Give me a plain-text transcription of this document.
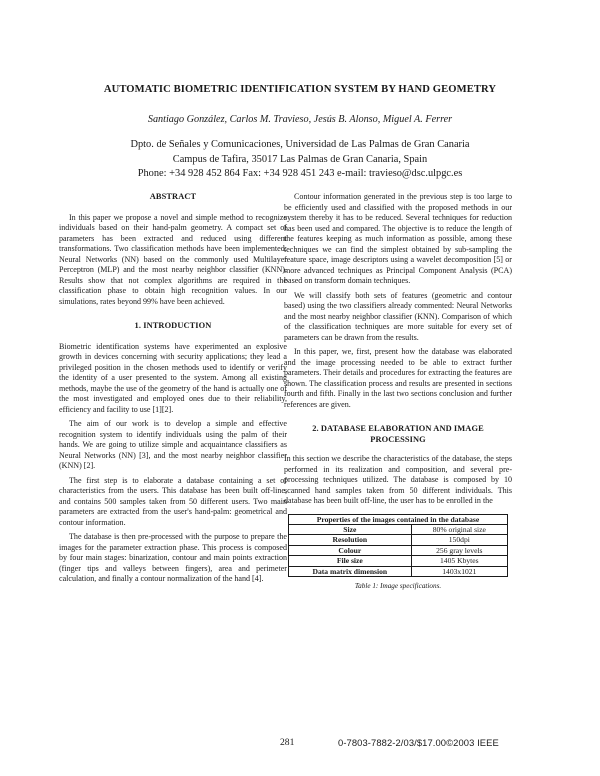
AUTOMATIC BIOMETRIC IDENTIFICATION SYSTEM BY HAND GEOMETRY
Santiago González, Carlos M. Travieso, Jesús B. Alonso, Miguel A. Ferrer
Dpto. de Señales y Comunicaciones, Universidad de Las Palmas de Gran Canaria
Campus de Tafira, 35017 Las Palmas de Gran Canaria, Spain
Phone: +34 928 452 864 Fax: +34 928 451 243 e-mail: travieso@dsc.ulpgc.es
ABSTRACT

In this paper we propose a novel and simple method to recognize individuals based on their hand-palm geometry. A compact set of parameters has been extracted and reduced using different transformations. Two classification methods have been implemented: Neural Networks (NN) based on the commonly used Multilayer Perceptron (MLP) and the most nearby neighbor classifier (KNN). Results show that not complex algorithms are required in the classification phase to obtain high recognition values. In our simulations, rates beyond 99% have been achieved.

1. INTRODUCTION

Biometric identification systems have experimented an explosive growth in devices concerning with security applications; they lead a privileged position in the chosen methods used to identify or verify the identity of a user presented to the system. Among all existing methods, maybe the use of the geometry of the hand is actually one of the most investigated and employed ones due to their reliability, efficiency and facility to use [1][2].

The aim of our work is to develop a simple and effective recognition system to identify individuals using the palm of their hands. We are going to utilize simple and acquaintance classifiers as Neural Networks (NN) [3], and the most nearby neighbor classifier (KNN) [2].

The first step is to elaborate a database containing a set of characteristics from the users. This database has been built off-line, and contains 500 samples taken from 50 different users. Two main parameters are extracted from the user's hand-palm: geometrical and contour information.

The database is then pre-processed with the purpose to prepare the images for the parameter extraction phase. This process is composed by four main stages: binarization, contour and main points extraction (finger tips and valleys between fingers), area and perimeter calculation, and finally a contour normalization of the hand [4].

Contour information generated in the previous step is too large to be efficiently used and classified with the proposed methods in our system thereby it has to be reduced. Several techniques for reduction has been used and compared. The objective is to reduce the length of the features keeping as much information as possible, among these techniques we can find the simplest obtained by sub-sampling the feature space, image descriptors using a wavelet decomposition [5] or more advanced techniques as Principal Component Analysis (PCA) based on transform domain techniques.

We will classify both sets of features (geometric and contour based) using the two classifiers already commented: Neural Networks and the most nearby neighbor classifier (KNN). Comparison of which of the classification techniques are more suitable for every set of parameters can be drawn from the results.

In this paper, we, first, present how the database was elaborated and the image processing needed to be able to extract further parameters. Their details and procedures for extracting the features are shown. The classification process and results are presented in sections fourth and fifth. Finally in the last two sections conclusion and further references are given.

2. DATABASE ELABORATION AND IMAGE PROCESSING

In this section we describe the characteristics of the database, the steps performed in its realization and composition, and several pre-processing techniques utilized. The database is composed by 10 scanned hand samples taken from 50 different individuals. This database has been built off-line, the user has to be enrolled in the

Properties of the images contained in the database	
Size	80% original size
Resolution	150dpi
Colour	256 gray levels
File size	1405 Kbytes
Data matrix dimension	1403x1021
Table 1: Image specifications.
281	0-7803-7882-2/03/$17.00©2003 IEEE
